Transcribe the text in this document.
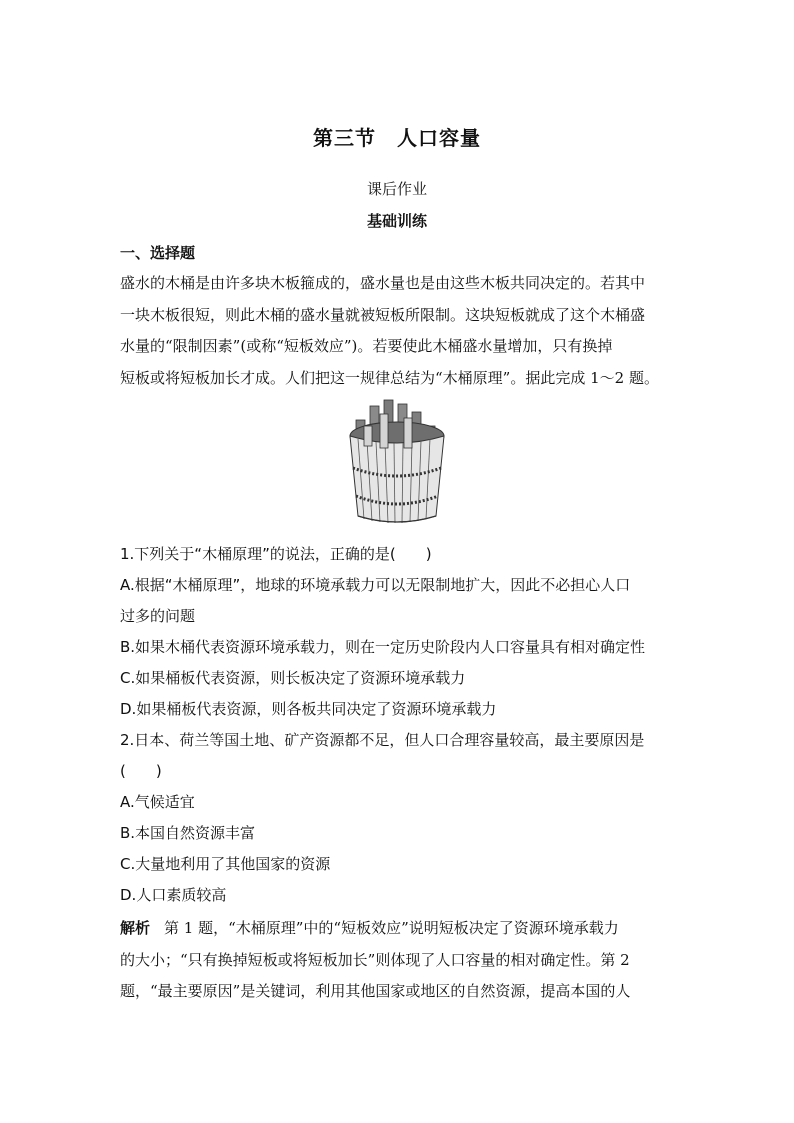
第三节　人口容量
课后作业
基础训练
一、选择题
盛水的木桶是由许多块木板箍成的，盛水量也是由这些木板共同决定的。若其中
一块木板很短，则此木桶的盛水量就被短板所限制。这块短板就成了这个木桶盛
水量的“限制因素”(或称“短板效应”)。若要使此木桶盛水量增加，只有换掉
短板或将短板加长才成。人们把这一规律总结为“木桶原理”。据此完成 1～2 题。
1.下列关于“木桶原理”的说法，正确的是(　　)
A.根据“木桶原理”，地球的环境承载力可以无限制地扩大，因此不必担心人口
过多的问题
B.如果木桶代表资源环境承载力，则在一定历史阶段内人口容量具有相对确定性
C.如果桶板代表资源，则长板决定了资源环境承载力
D.如果桶板代表资源，则各板共同决定了资源环境承载力
2.日本、荷兰等国土地、矿产资源都不足，但人口合理容量较高，最主要原因是
(　　)
A.气候适宜
B.本国自然资源丰富
C.大量地利用了其他国家的资源
D.人口素质较高
解析 第 1 题，“木桶原理”中的“短板效应”说明短板决定了资源环境承载力
的大小；“只有换掉短板或将短板加长”则体现了人口容量的相对确定性。第 2
题，“最主要原因”是关键词，利用其他国家或地区的自然资源，提高本国的人
